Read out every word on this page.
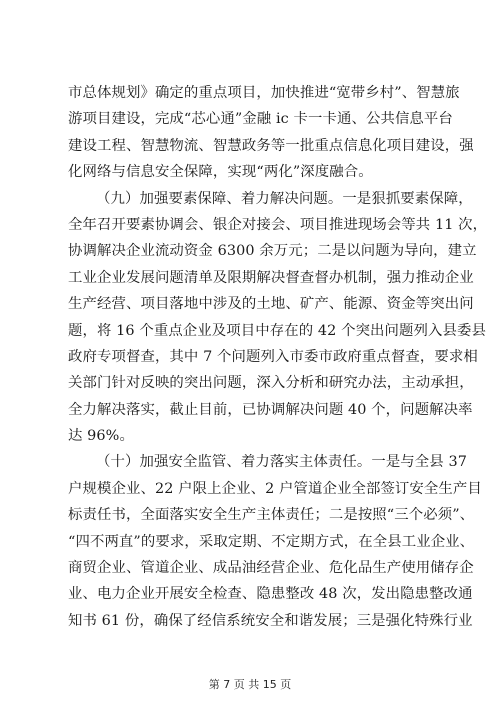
市总体规划》确定的重点项目，加快推进“宽带乡村”、智慧旅
游项目建设，完成“芯心通”金融 ic 卡一卡通、公共信息平台
建设工程、智慧物流、智慧政务等一批重点信息化项目建设，强
化网络与信息安全保障，实现“两化”深度融合。
（九）加强要素保障、着力解决问题。一是狠抓要素保障，
全年召开要素协调会、银企对接会、项目推进现场会等共 11 次，
协调解决企业流动资金 6300 余万元；二是以问题为导向，建立
工业企业发展问题清单及限期解决督查督办机制，强力推动企业
生产经营、项目落地中涉及的土地、矿产、能源、资金等突出问
题，将 16 个重点企业及项目中存在的 42 个突出问题列入县委县
政府专项督查，其中 7 个问题列入市委市政府重点督查，要求相
关部门针对反映的突出问题，深入分析和研究办法，主动承担，
全力解决落实，截止目前，已协调解决问题 40 个，问题解决率
达 96%。
（十）加强安全监管、着力落实主体责任。一是与全县 37
户规模企业、22 户限上企业、2 户管道企业全部签订安全生产目
标责任书，全面落实安全生产主体责任；二是按照“三个必须”、
“四不两直”的要求，采取定期、不定期方式，在全县工业企业、
商贸企业、管道企业、成品油经营企业、危化品生产使用储存企
业、电力企业开展安全检查、隐患整改 48 次，发出隐患整改通
知书 61 份，确保了经信系统安全和谐发展；三是强化特殊行业
第 7 页 共 15 页
